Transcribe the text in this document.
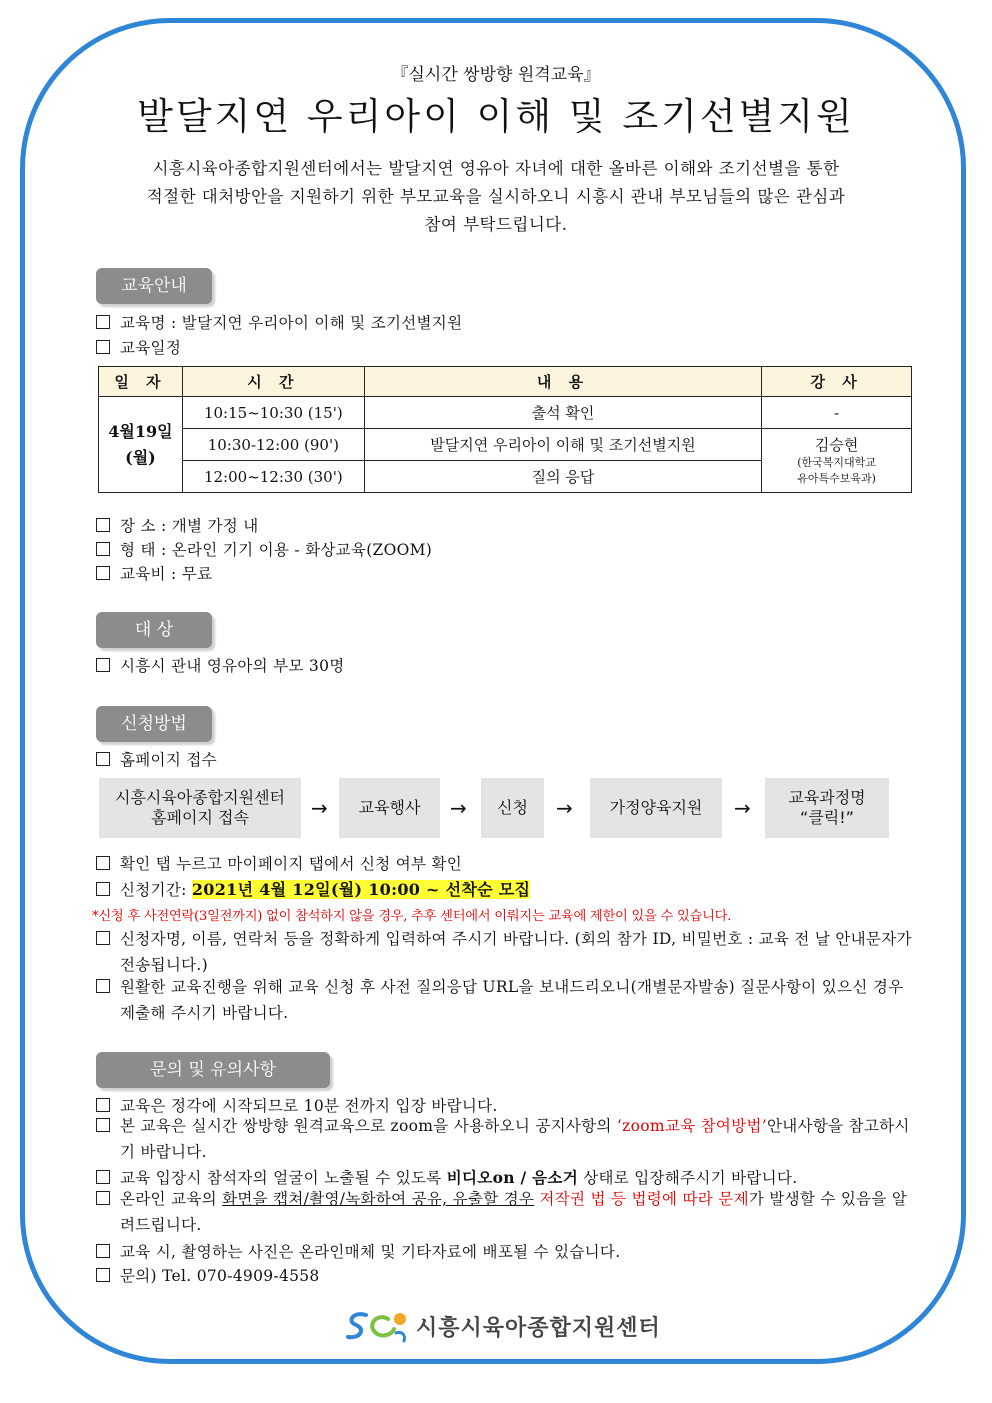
『실시간 쌍방향 원격교육』
발달지연 우리아이 이해 및 조기선별지원
시흥시육아종합지원센터에서는 발달지연 영유아 자녀에 대한 올바른 이해와 조기선별을 통한
적절한 대처방안을 지원하기 위한 부모교육을 실시하오니 시흥시 관내 부모님들의 많은 관심과
참여 부탁드립니다.
교육안내
교육명 : 발달지연 우리아이 이해 및 조기선별지원
교육일정
일 자	시 간	내 용	강 사

4월19일
(월)	10:15~10:30 (15')	출석 확인	-
	10:30-12:00 (90')	발달지연 우리아이 이해 및 조기선별지원	김승현
(한국복지대학교
유아특수보육과)

	12:00~12:30 (30')	질의 응답	
장 소 : 개별 가정 내
형 태 : 온라인 기기 이용 - 화상교육(ZOOM)
교육비 : 무료
대 상
시흥시 관내 영유아의 부모 30명
신청방법
홈페이지 접수
시흥시육아종합지원센터
홈페이지 접속	→	교육행사	→	신청	→	가정양육지원	→ 교육과정명
“클릭!”
확인 탭 누르고 마이페이지 탭에서 신청 여부 확인
신청기간: 2021년 4월 12일(월) 10:00 ~ 선착순 모집
*신청 후 사전연락(3일전까지) 없이 참석하지 않을 경우, 추후 센터에서 이뤄지는 교육에 제한이 있을 수 있습니다.
신청자명, 이름, 연락처 등을 정확하게 입력하여 주시기 바랍니다. (회의 참가 ID, 비밀번호 : 교육 전 날 안내문자가 전송됩니다.)
원활한 교육진행을 위해 교육 신청 후 사전 질의응답 URL을 보내드리오니(개별문자발송) 질문사항이 있으신 경우 제출해 주시기 바랍니다.
문의 및 유의사항
교육은 정각에 시작되므로 10분 전까지 입장 바랍니다.
본 교육은 실시간 쌍방향 원격교육으로 zoom을 사용하오니 공지사항의 ‘zoom교육 참여방법’안내사항을 참고하시기 바랍니다.
교육 입장시 참석자의 얼굴이 노출될 수 있도록 비디오on / 음소거 상태로 입장해주시기 바랍니다.
온라인 교육의 화면을 캡쳐/촬영/녹화하여 공유, 유출할 경우 저작권 법 등 법령에 따라 문제가 발생할 수 있음을 알려드립니다.
교육 시, 촬영하는 사진은 온라인매체 및 기타자료에 배포될 수 있습니다.
문의) Tel. 070-4909-4558
시흥시육아종합지원센터
